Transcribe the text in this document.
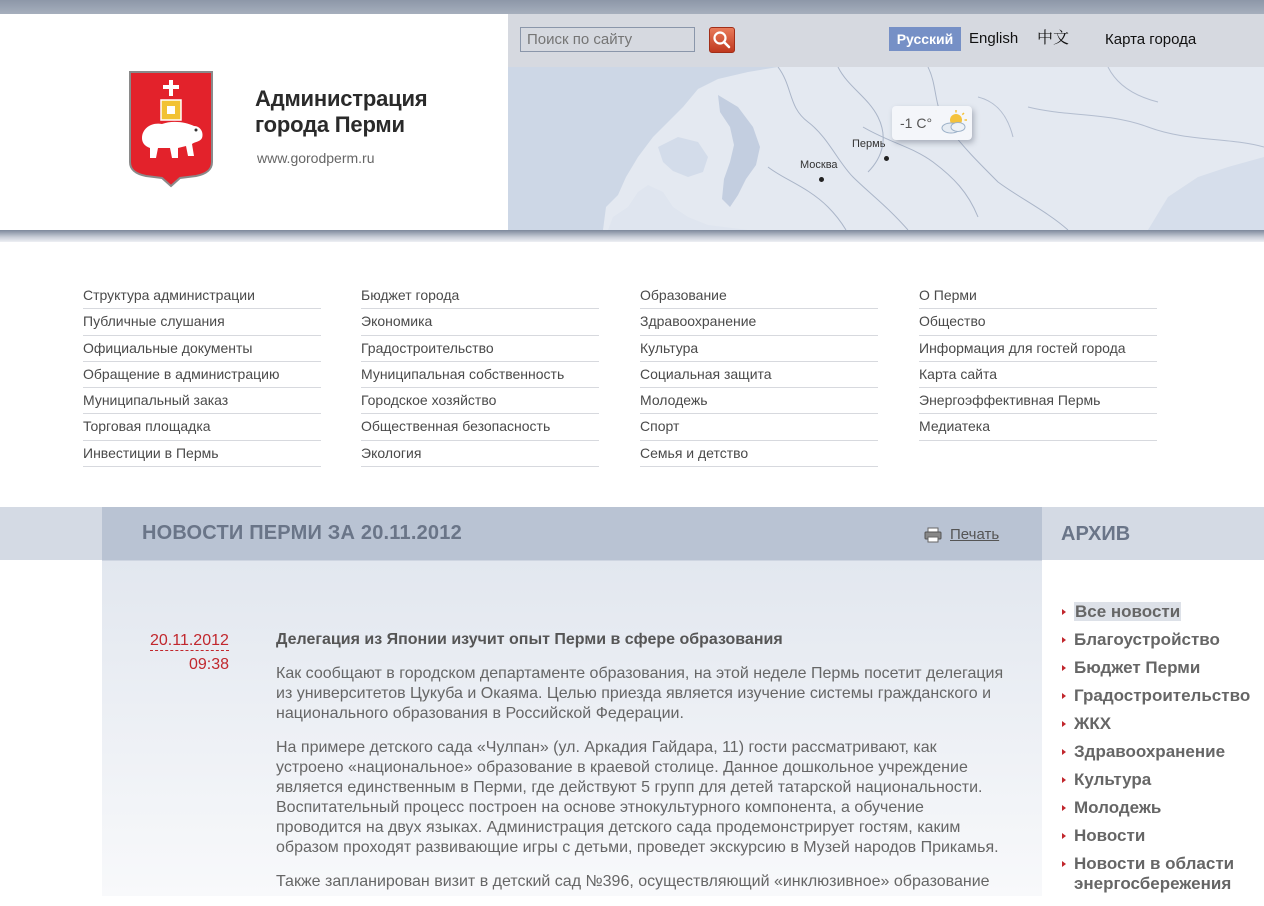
Администрация
города Перми
www.gorodperm.ru
Поиск по сайту
Русский	English 中文 Карта города
Пермь
Москва
-1 C°
Структура администрации
Публичные слушания
Официальные документы
Обращение в администрацию
Муниципальный заказ
Торговая площадка
Инвестиции в Пермь
Бюджет города
Экономика
Градостроительство
Муниципальная собственность
Городское хозяйство
Общественная безопасность
Экология
Образование
Здравоохранение
Культура
Социальная защита
Молодежь
Спорт
Семья и детство
О Перми
Общество
Информация для гостей города
Карта сайта
Энергоэффективная Пермь
Медиатека
НОВОСТИ ПЕРМИ ЗА 20.11.2012	Печать
20.11.2012
09:38
Делегация из Японии изучит опыт Перми в сфере образования

Как сообщают в городском департаменте образования, на этой неделе Пермь посетит делегация из университетов Цукуба и Окаяма. Целью приезда является изучение системы гражданского и национального образования в Российской Федерации.

На примере детского сада «Чулпан» (ул. Аркадия Гайдара, 11) гости рассматривают, как устроено «национальное» образование в краевой столице. Данное дошкольное учреждение является единственным в Перми, где действуют 5 групп для детей татарской национальности. Воспитательный процесс построен на основе этнокультурного компонента, а обучение проводится на двух языках. Администрация детского сада продемонстрирует гостям, каким образом проходят развивающие игры с детьми, проведет экскурсию в Музей народов Прикамья.

Также запланирован визит в детский сад №396, осуществляющий «инклюзивное» образование

АРХИВ
Все новости
Благоустройство
Бюджет Перми
Градостроительство
ЖКХ
Здравоохранение
Культура
Молодежь
Новости
Новости в области энергосбережения
